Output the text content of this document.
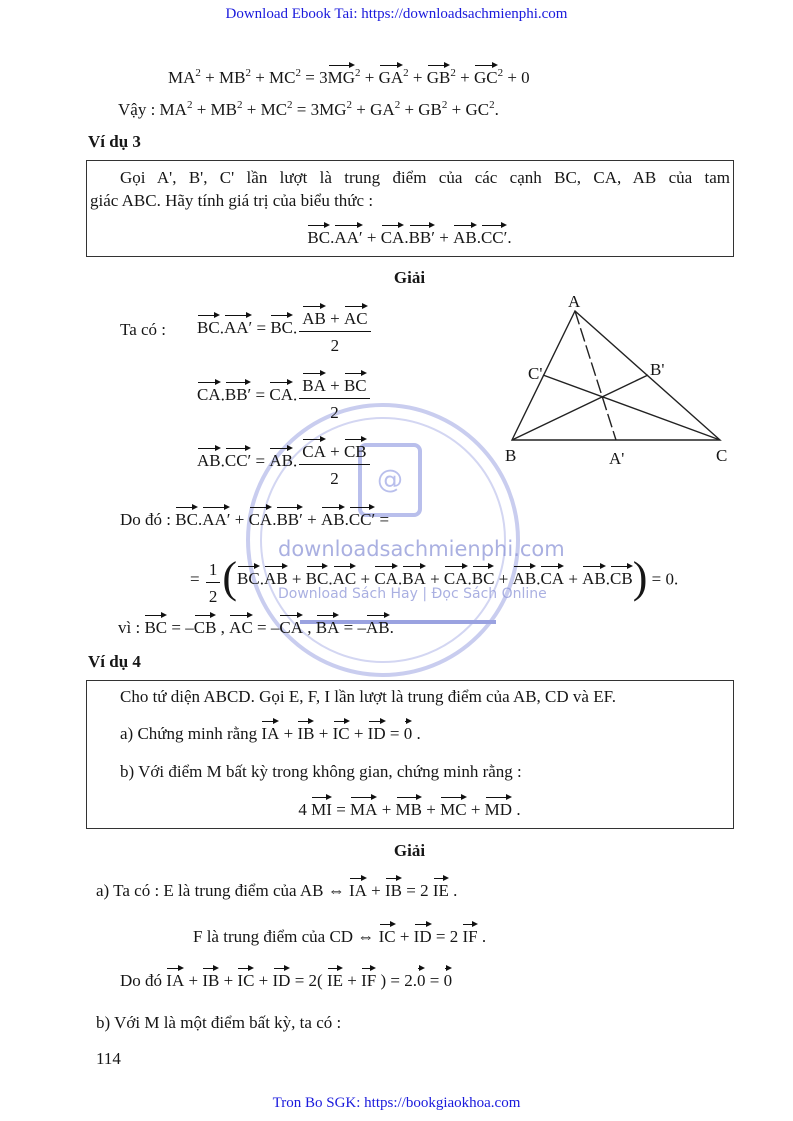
Download Ebook Tai: https://downloadsachmienphi.com
@
downloadsachmienphi.com
Download Sách Hay | Đọc Sách Online
$MA^2 + MB^2 + MC^2 = 3MG^2 + GA^2 + GB^2 + GC^2 + 0$
Vậy : $MA^2 + MB^2 + MC^2 = 3MG^2 + GA^2 + GB^2 + GC^2$.
Ví dụ 3
Gọi A', B', C' lần lượt là trung điểm của các cạnh BC, CA, AB của tam
giác ABC. Hãy tính giá trị của biểu thức :
BC.AA′ + CA.BB′ + AB.CC′.
Giải
Ta có : BC.AA′ = BC. $\frac{AB + AC}{2}$
CA.BB′ = CA. $\frac{BA + BC}{2}$
AB.CC′ = AB. $\frac{CA + CB}{2}$
Do đó : BC.AA′ + CA.BB′ + AB.CC′ =
= $\frac{1}{2} (BC.AB + BC.AC + CA.BA + CA.BC + AB.CA + AB.CB) = 0$.
vì : BC = –CB , AC = –CA , BA = –AB.
A
B	C
A'
B'
C'
Ví dụ 4
Cho tứ diện ABCD. Gọi E, F, I lần lượt là trung điểm của AB, CD và EF.
a) Chứng minh rằng IA + IB + IC + ID = 0 .
b) Với điểm M bất kỳ trong không gian, chứng minh rằng :
4 MI = MA + MB + MC + MD .
Giải
a) Ta có : E là trung điểm của AB ⇔ IA + IB = 2 IE .
F là trung điểm của CD ⇔ IC + ID = 2 IF .
Do đó IA + IB + IC + ID = 2( IE + IF ) = 2.0 = 0
b) Với M là một điểm bất kỳ, ta có :
114
Tron Bo SGK: https://bookgiaokhoa.com
